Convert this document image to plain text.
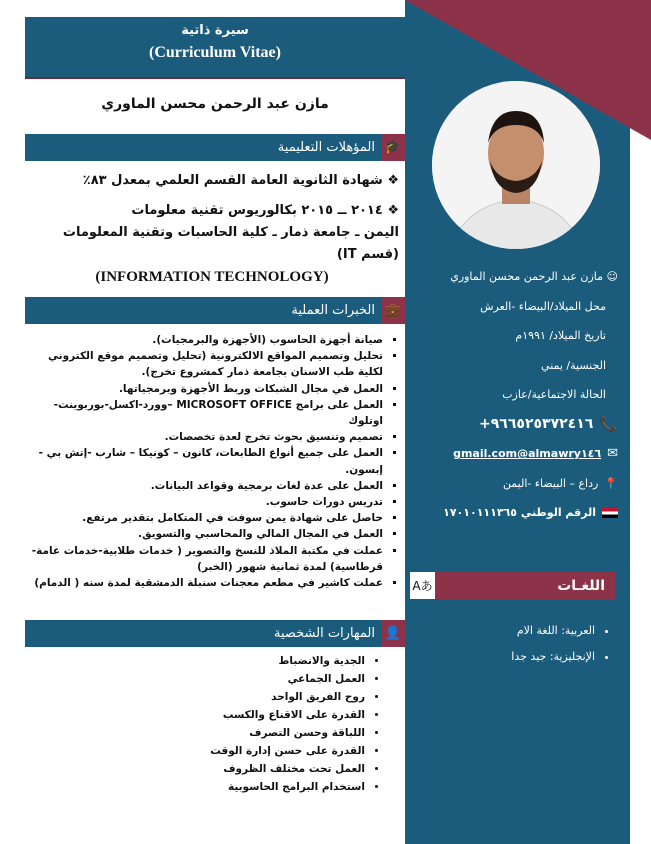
سيرة ذاتية
(Curriculum Vitae)
مازن عبد الرحمن محسن الماوري
🎓
المؤهلات التعليمية
❖ شهادة الثانوية العامة القسم العلمي بمعدل ٨٣٪
❖ ٢٠١٤ ــ ٢٠١٥ بكالوريوس تقنية معلومات
اليمن ـ جامعة ذمار ـ كلية الحاسبات وتقنية المعلومات (قسم IT)
(INFORMATION TECHNOLOGY)
💼
الخبرات العملية
▪ صيانة أجهزة الحاسوب (الأجهزة والبرمجيات).
▪ تحليل وتصميم المواقع الالكترونية (تحليل وتصميم موقع الكتروني لكلية طب الاسنان بجامعة ذمار كمشروع تخرج).
▪ العمل في مجال الشبكات وربط الأجهزة وبرمجياتها.
▪ العمل على برامج MICROSOFT OFFICE –وورد-اكسل-بوربوينت-اوتلوك
▪ تصميم وتنسيق بحوث تخرج لعدة تخصصات.
▪ العمل على جميع أنواع الطابعات، كانون – كونيكا – شارب -إتش بي - إبسون.
▪ العمل على عدة لغات برمجية وقواعد البيانات.
▪ تدريس دورات حاسوب.
▪ حاصل على شهادة يمن سوفت في المتكامل بتقدير مرتفع.
▪ العمل في المجال المالي والمحاسبي والتسويق.
▪ عملت في مكتبة الملاذ للنسخ والتصوير ( خدمات طلابية-خدمات عامة-قرطاسية) لمدة ثمانية شهور (الخبر)
▪ عملت كاشير في مطعم معجنات سنبلة الدمشقية لمدة سنه ( الدمام)
👤
المهارات الشخصية
• الجدية والانضباط
• العمل الجماعي
• روح الفريق الواحد
• القدرة على الاقناع والكسب
• اللباقة وحسن التصرف
• القدرة على حسن إدارة الوقت
• العمل تحت مختلف الظروف
• استخدام البرامج الحاسوبية
☺ مازن عبد الرحمن محسن الماوري
محل الميلاد/البيضاء -العرش
تاريخ الميلاد/ ١٩٩١م
الجنسية/ يمني
الحالة الاجتماعية/عازب
📞
+٩٦٦٥٢٥٣٧٢٤١٦
✉
almawry١٤٦@gmail.com
📍
رداع – البيضاء -اليمن
الرقم الوطني ١٧٠١٠١١١٣٦٥
اللغـات
Aあ
• العربية: اللغة الام
• الإنجليزية: جيد جدا
